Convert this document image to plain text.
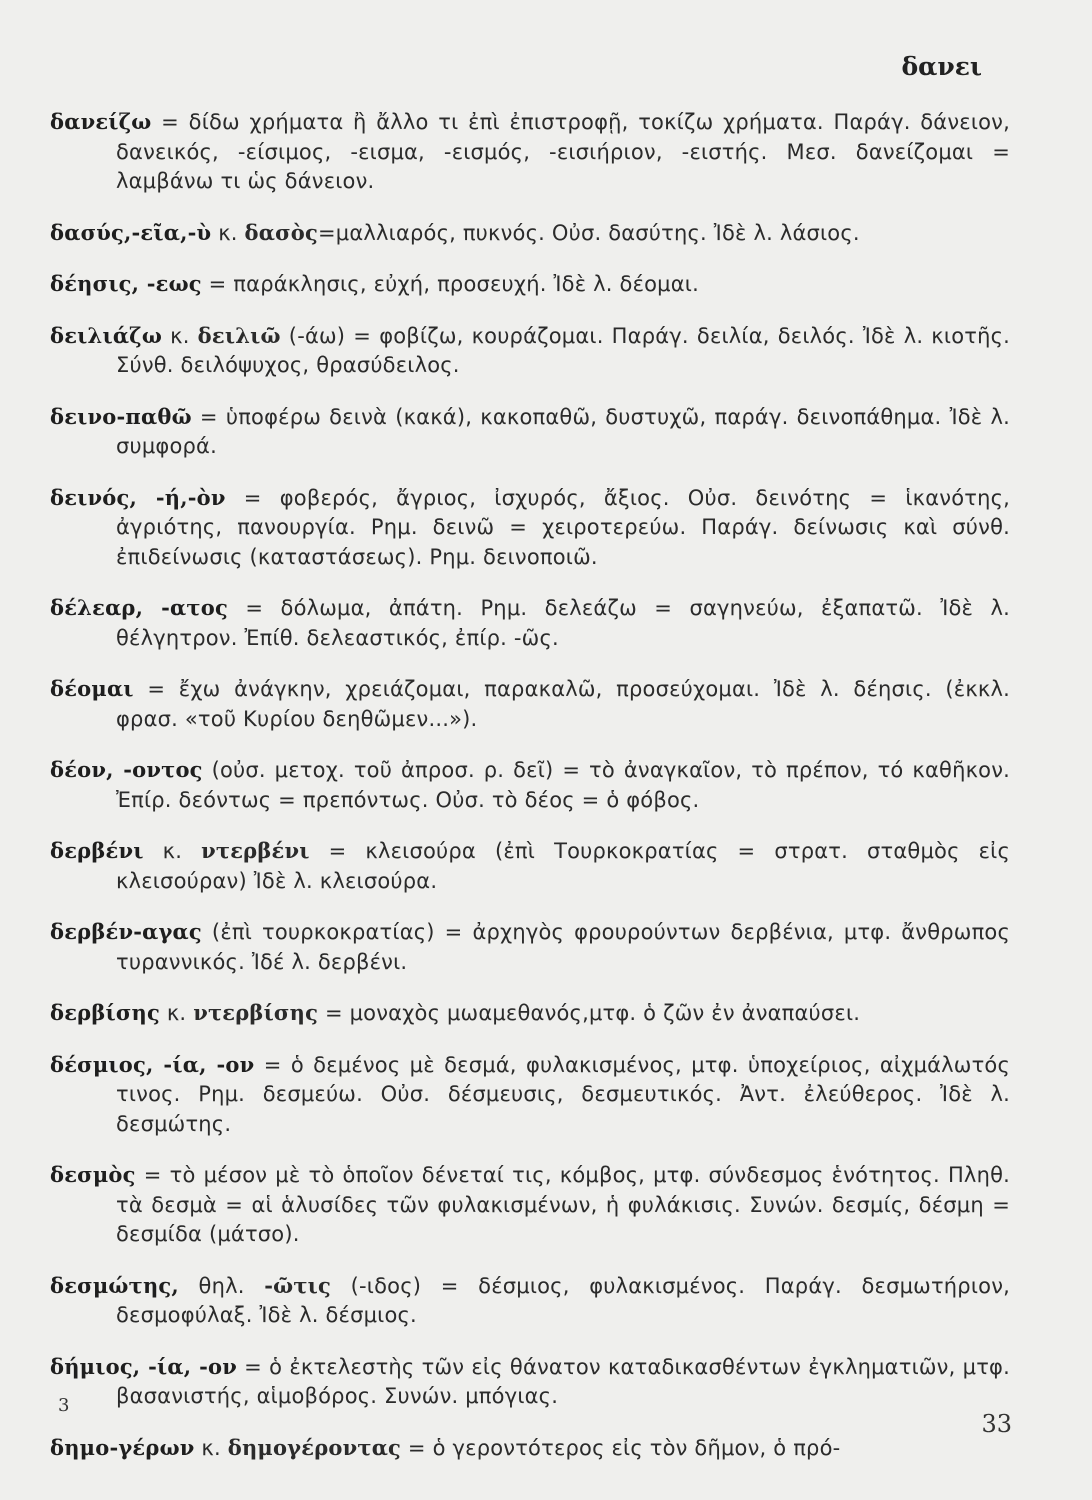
δανει

δανείζω = δίδω χρήματα ἢ ἄλλο τι ἐπὶ ἐπιστροφῇ, τοκίζω χρήματα. Παράγ. δάνειον, δανεικός, -είσιμος, -εισμα, -εισμός, -εισιήριον, -ειστής. Μεσ. δανείζομαι = λαμβάνω τι ὡς δάνειον.

δασύς,-εῖα,-ὺ κ. δασὸς=μαλλιαρός, πυκνός. Οὐσ. δασύτης. Ἰδὲ λ. λάσιος.

δέησις, -εως = παράκλησις, εὐχή, προσευχή. Ἰδὲ λ. δέομαι.

δειλιάζω κ. δειλιῶ (-άω) = φοβίζω, κουράζομαι. Παράγ. δειλία, δειλός. Ἰδὲ λ. κιοτῆς. Σύνθ. δειλόψυχος, θρασύδειλος.

δεινο-παθῶ = ὑποφέρω δεινὰ (κακά), κακοπαθῶ, δυστυχῶ, παράγ. δεινοπάθημα. Ἰδὲ λ. συμφορά.

δεινός, -ή,-ὸν = φοβερός, ἄγριος, ἰσχυρός, ἄξιος. Οὐσ. δεινότης = ἱκανότης, ἀγριότης, πανουργία. Ρημ. δεινῶ = χειροτερεύω. Παράγ. δείνωσις καὶ σύνθ. ἐπιδείνωσις (καταστάσεως). Ρημ. δεινοποιῶ.

δέλεαρ, -ατος = δόλωμα, ἀπάτη. Ρημ. δελεάζω = σαγηνεύω, ἐξαπατῶ. Ἰδὲ λ. θέλγητρον. Ἐπίθ. δελεαστικός, ἐπίρ. -ῶς.

δέομαι = ἔχω ἀνάγκην, χρειάζομαι, παρακαλῶ, προσεύχομαι. Ἰδὲ λ. δέησις. (ἐκκλ. φρασ. «τοῦ Κυρίου δεηθῶμεν...»).

δέον, -οντος (οὐσ. μετοχ. τοῦ ἀπροσ. ρ. δεῖ) = τὸ ἀναγκαῖον, τὸ πρέπον, τό καθῆκον. Ἐπίρ. δεόντως = πρεπόντως. Οὐσ. τὸ δέος = ὁ φόβος.

δερβένι κ. ντερβένι = κλεισούρα (ἐπὶ Τουρκοκρατίας = στρατ. σταθμὸς εἰς κλεισούραν) Ἰδὲ λ. κλεισούρα.

δερβέν-αγας (ἐπὶ τουρκοκρατίας) = ἀρχηγὸς φρουρούντων δερβένια, μτφ. ἄνθρωπος τυραννικός. Ἰδέ λ. δερβένι.

δερβίσης κ. ντερβίσης = μοναχὸς μωαμεθανός,μτφ. ὁ ζῶν ἐν ἀναπαύσει.

δέσμιος, -ία, -ον = ὁ δεμένος μὲ δεσμά, φυλακισμένος, μτφ. ὑποχείριος, αἰχμάλωτός τινος. Ρημ. δεσμεύω. Οὐσ. δέσμευσις, δεσμευτικός. Ἀντ. ἐλεύθερος. Ἰδὲ λ. δεσμώτης.

δεσμὸς = τὸ μέσον μὲ τὸ ὁποῖον δένεταί τις, κόμβος, μτφ. σύνδεσμος ἑνότητος. Πληθ. τὰ δεσμὰ = αἱ ἁλυσίδες τῶν φυλακισμένων, ἡ φυλάκισις. Συνών. δεσμίς, δέσμη = δεσμίδα (μάτσο).

δεσμώτης, θηλ. -ῶτις (-ιδος) = δέσμιος, φυλακισμένος. Παράγ. δεσμωτήριον, δεσμοφύλαξ. Ἰδὲ λ. δέσμιος.

δήμιος, -ία, -ον = ὁ ἐκτελεστὴς τῶν εἰς θάνατον καταδικασθέντων ἐγκληματιῶν, μτφ. βασανιστής, αἱμοβόρος. Συνών. μπόγιας.

δημο-γέρων κ. δημογέροντας = ὁ γεροντότερος εἰς τὸν δῆμον, ὁ πρό-

3
33
